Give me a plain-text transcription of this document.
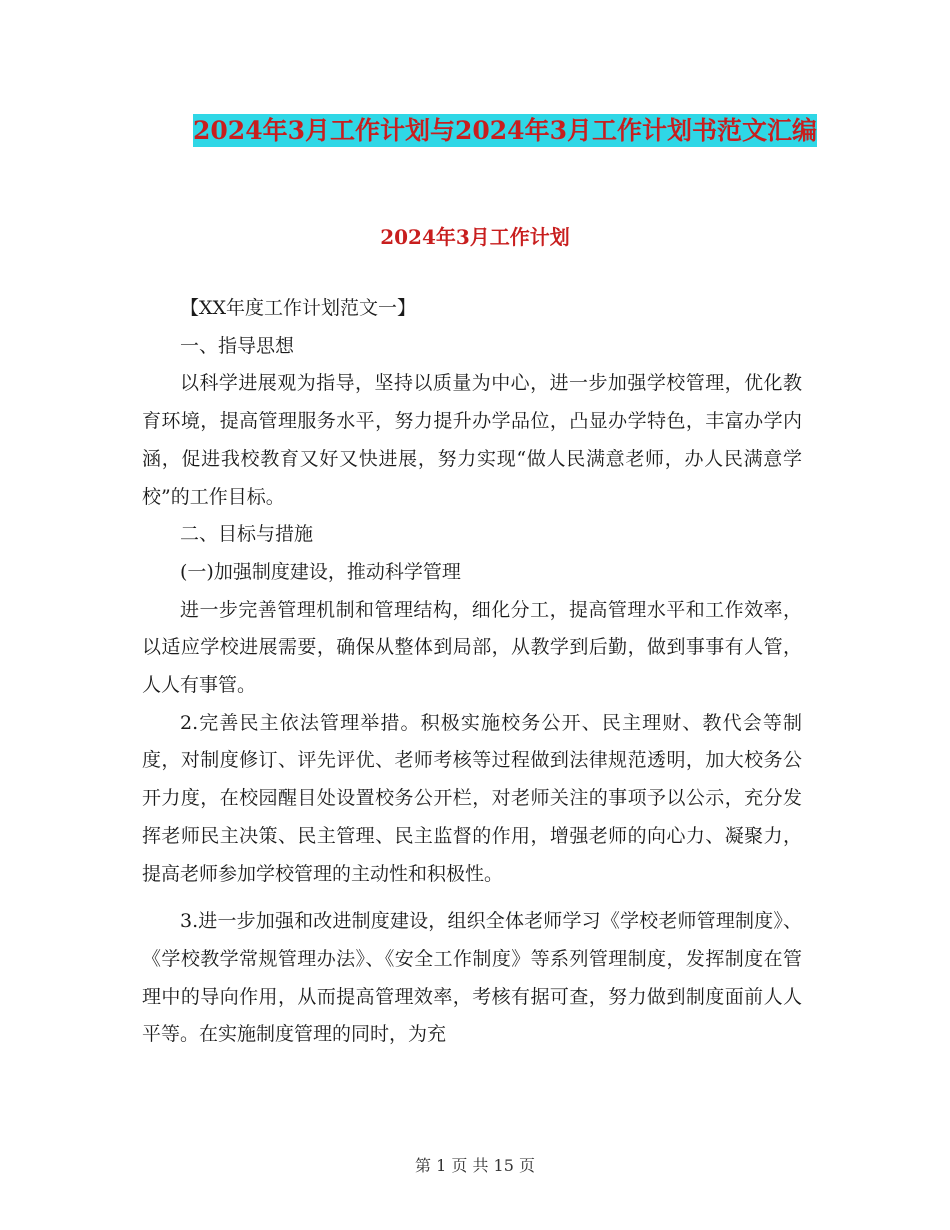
2024年3月工作计划与2024年3月工作计划书范文汇编
2024年3月工作计划

【XX年度工作计划范文一】

一、指导思想

以科学进展观为指导，坚持以质量为中心，进一步加强学校管理，优化教育环境，提高管理服务水平，努力提升办学品位，凸显办学特色，丰富办学内涵，促进我校教育又好又快进展，努力实现“做人民满意老师，办人民满意学校”的工作目标。

二、目标与措施

(一)加强制度建设，推动科学管理

进一步完善管理机制和管理结构，细化分工，提高管理水平和工作效率，以适应学校进展需要，确保从整体到局部，从教学到后勤，做到事事有人管，人人有事管。

2.完善民主依法管理举措。积极实施校务公开、民主理财、教代会等制度，对制度修订、评先评优、老师考核等过程做到法律规范透明，加大校务公开力度，在校园醒目处设置校务公开栏，对老师关注的事项予以公示，充分发挥老师民主决策、民主管理、民主监督的作用，增强老师的向心力、凝聚力，提高老师参加学校管理的主动性和积极性。

3.进一步加强和改进制度建设，组织全体老师学习《学校老师管理制度》、《学校教学常规管理办法》、《安全工作制度》等系列管理制度，发挥制度在管理中的导向作用，从而提高管理效率，考核有据可查，努力做到制度面前人人平等。在实施制度管理的同时，为充

第 1 页 共 15 页
